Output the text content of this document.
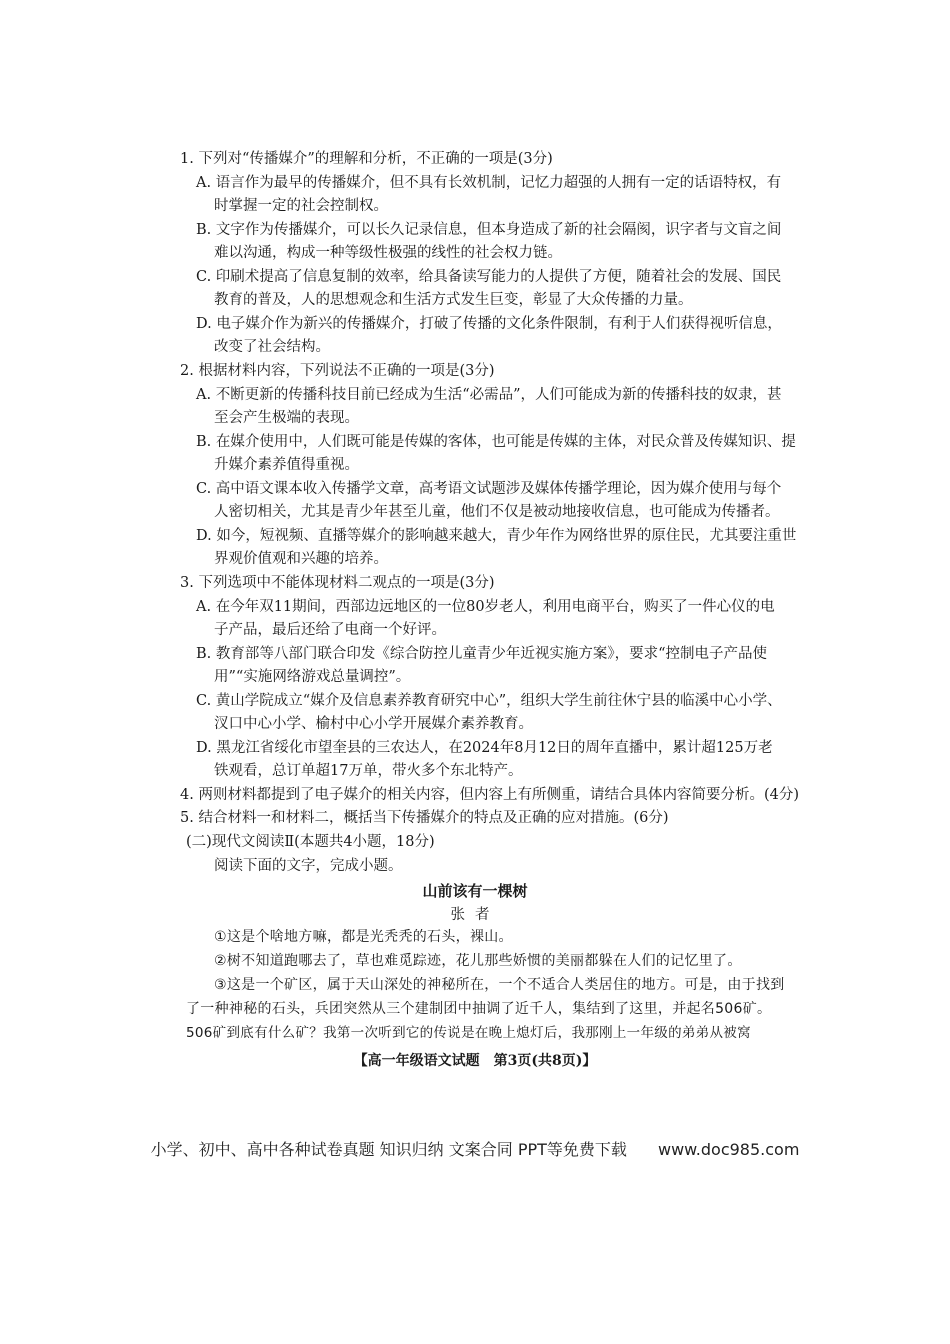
1. 下列对“传播媒介”的理解和分析，不正确的一项是(3分)
A. 语言作为最早的传播媒介，但不具有长效机制，记忆力超强的人拥有一定的话语特权，有
时掌握一定的社会控制权。
B. 文字作为传播媒介，可以长久记录信息，但本身造成了新的社会隔阂，识字者与文盲之间
难以沟通，构成一种等级性极强的线性的社会权力链。
C. 印刷术提高了信息复制的效率，给具备读写能力的人提供了方便，随着社会的发展、国民
教育的普及，人的思想观念和生活方式发生巨变，彰显了大众传播的力量。
D. 电子媒介作为新兴的传播媒介，打破了传播的文化条件限制，有利于人们获得视听信息，
改变了社会结构。
2. 根据材料内容，下列说法不正确的一项是(3分)
A. 不断更新的传播科技目前已经成为生活“必需品”，人们可能成为新的传播科技的奴隶，甚
至会产生极端的表现。
B. 在媒介使用中，人们既可能是传媒的客体，也可能是传媒的主体，对民众普及传媒知识、提
升媒介素养值得重视。
C. 高中语文课本收入传播学文章，高考语文试题涉及媒体传播学理论，因为媒介使用与每个
人密切相关，尤其是青少年甚至儿童，他们不仅是被动地接收信息，也可能成为传播者。
D. 如今，短视频、直播等媒介的影响越来越大，青少年作为网络世界的原住民，尤其要注重世
界观价值观和兴趣的培养。
3. 下列选项中不能体现材料二观点的一项是(3分)
A. 在今年双11期间，西部边远地区的一位80岁老人，利用电商平台，购买了一件心仪的电
子产品，最后还给了电商一个好评。
B. 教育部等八部门联合印发《综合防控儿童青少年近视实施方案》，要求“控制电子产品使
用”“实施网络游戏总量调控”。
C. 黄山学院成立“媒介及信息素养教育研究中心”，组织大学生前往休宁县的临溪中心小学、
汊口中心小学、榆村中心小学开展媒介素养教育。
D. 黑龙江省绥化市望奎县的三农达人，在2024年8月12日的周年直播中，累计超125万老
铁观看，总订单超17万单，带火多个东北特产。
4. 两则材料都提到了电子媒介的相关内容，但内容上有所侧重，请结合具体内容简要分析。(4分)
5. 结合材料一和材料二，概括当下传播媒介的特点及正确的应对措施。(6分)
(二)现代文阅读Ⅱ(本题共4小题，18分)
阅读下面的文字，完成小题。
山前该有一棵树
张者
①这是个啥地方嘛，都是光秃秃的石头，裸山。
②树不知道跑哪去了，草也难觅踪迹，花儿那些娇惯的美丽都躲在人们的记忆里了。
③这是一个矿区，属于天山深处的神秘所在，一个不适合人类居住的地方。可是，由于找到
了一种神秘的石头，兵团突然从三个建制团中抽调了近千人，集结到了这里，并起名506矿。
506矿到底有什么矿？我第一次听到它的传说是在晚上熄灯后，我那刚上一年级的弟弟从被窝
【高一年级语文试题　第3页(共8页)】
小学、初中、高中各种试卷真题 知识归纳 文案合同 PPT等免费下载 www.doc985.com
